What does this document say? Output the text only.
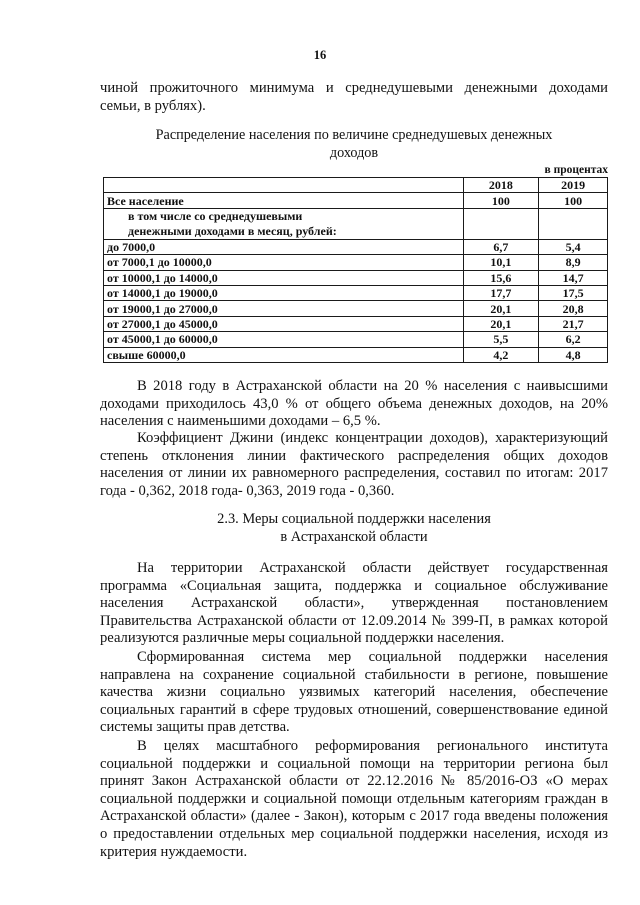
16
чиной прожиточного минимума и среднедушевыми денежными доходами
семьи, в рублях).
Распределение населения по величине среднедушевых денежных
доходов
в процентах
	2018	2019
Все население	100	100

в том числе со среднедушевыми
денежными доходами в месяц, рублей:		

до 7000,0	6,7	5,4
от 7000,1 до 10000,0	10,1	8,9
от 10000,1 до 14000,0	15,6	14,7
от 14000,1 до 19000,0	17,7	17,5
от 19000,1 до 27000,0	20,1	20,8
от 27000,1 до 45000,0	20,1	21,7
от 45000,1 до 60000,0	5,5	6,2
свыше 60000,0	4,2	4,8
В 2018 году в Астраханской области на 20 % населения с наивысшими доходами приходилось 43,0 % от общего объема денежных доходов, на 20% населения с наименьшими доходами – 6,5 %.
Коэффициент Джини (индекс концентрации доходов), характеризующий степень отклонения линии фактического распределения общих доходов населения от линии их равномерного распределения, составил по итогам: 2017 года - 0,362, 2018 года- 0,363, 2019 года - 0,360.
2.3. Меры социальной поддержки населения
в Астраханской области
На территории Астраханской области действует государственная программа «Социальная защита, поддержка и социальное обслуживание населения Астраханской области», утвержденная постановлением Правительства Астраханской области от 12.09.2014 № 399-П, в рамках которой реализуются различные меры социальной поддержки населения.
Сформированная система мер социальной поддержки населения направлена на сохранение социальной стабильности в регионе, повышение качества жизни социально уязвимых категорий населения, обеспечение социальных гарантий в сфере трудовых отношений, совершенствование единой системы защиты прав детства.
В целях масштабного реформирования регионального института социальной поддержки и социальной помощи на территории региона был принят Закон Астраханской области от 22.12.2016 № 85/2016-ОЗ «О мерах социальной поддержки и социальной помощи отдельным категориям граждан в Астраханской области» (далее - Закон), которым с 2017 года введены положения о предоставлении отдельных мер социальной поддержки населения, исходя из критерия нуждаемости.
